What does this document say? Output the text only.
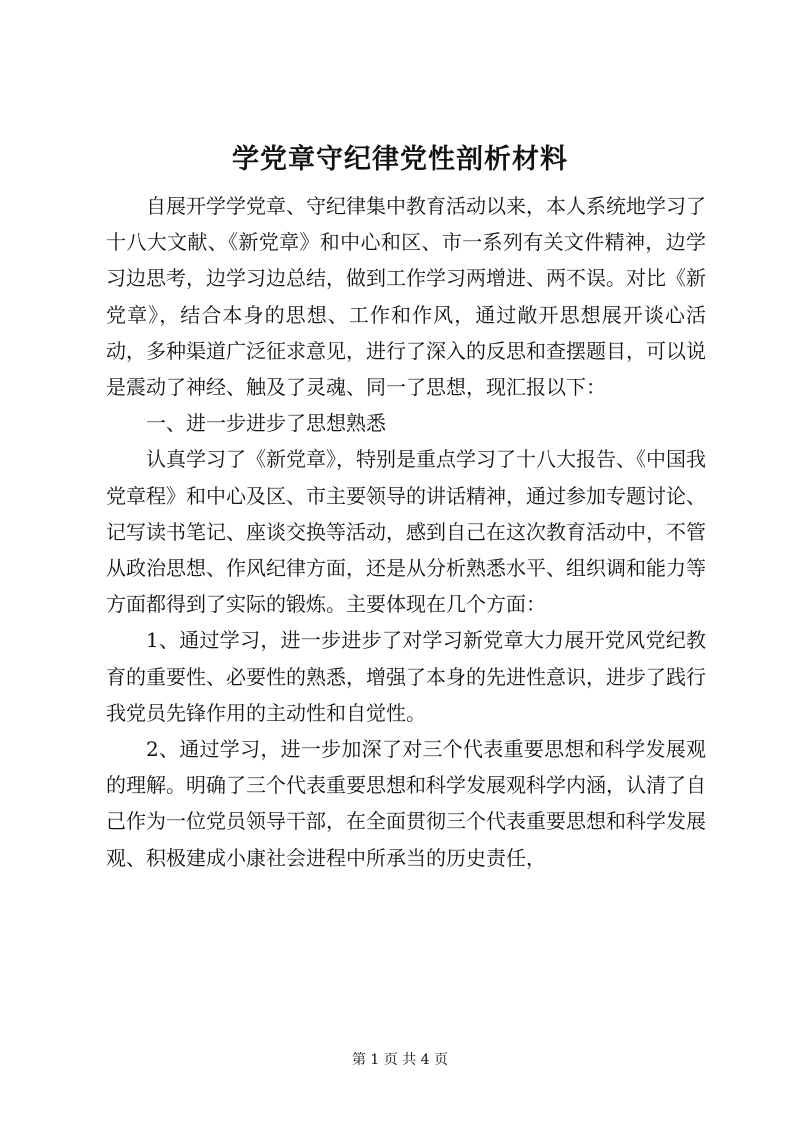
学党章守纪律党性剖析材料

自展开学学党章、守纪律集中教育活动以来，本人系统地学习了十八大文献、《新党章》和中心和区、市一系列有关文件精神，边学习边思考，边学习边总结，做到工作学习两增进、两不误。对比《新党章》，结合本身的思想、工作和作风，通过敞开思想展开谈心活动，多种渠道广泛征求意见，进行了深入的反思和查摆题目，可以说是震动了神经、触及了灵魂、同一了思想，现汇报以下：

一、进一步进步了思想熟悉

认真学习了《新党章》，特别是重点学习了十八大报告、《中国我党章程》和中心及区、市主要领导的讲话精神，通过参加专题讨论、记写读书笔记、座谈交换等活动，感到自己在这次教育活动中，不管从政治思想、作风纪律方面，还是从分析熟悉水平、组织调和能力等方面都得到了实际的锻炼。主要体现在几个方面：

1、通过学习，进一步进步了对学习新党章大力展开党风党纪教育的重要性、必要性的熟悉，增强了本身的先进性意识，进步了践行我党员先锋作用的主动性和自觉性。

2、通过学习，进一步加深了对三个代表重要思想和科学发展观的理解。明确了三个代表重要思想和科学发展观科学内涵，认清了自己作为一位党员领导干部，在全面贯彻三个代表重要思想和科学发展观、积极建成小康社会进程中所承当的历史责任，

第 1 页 共 4 页
